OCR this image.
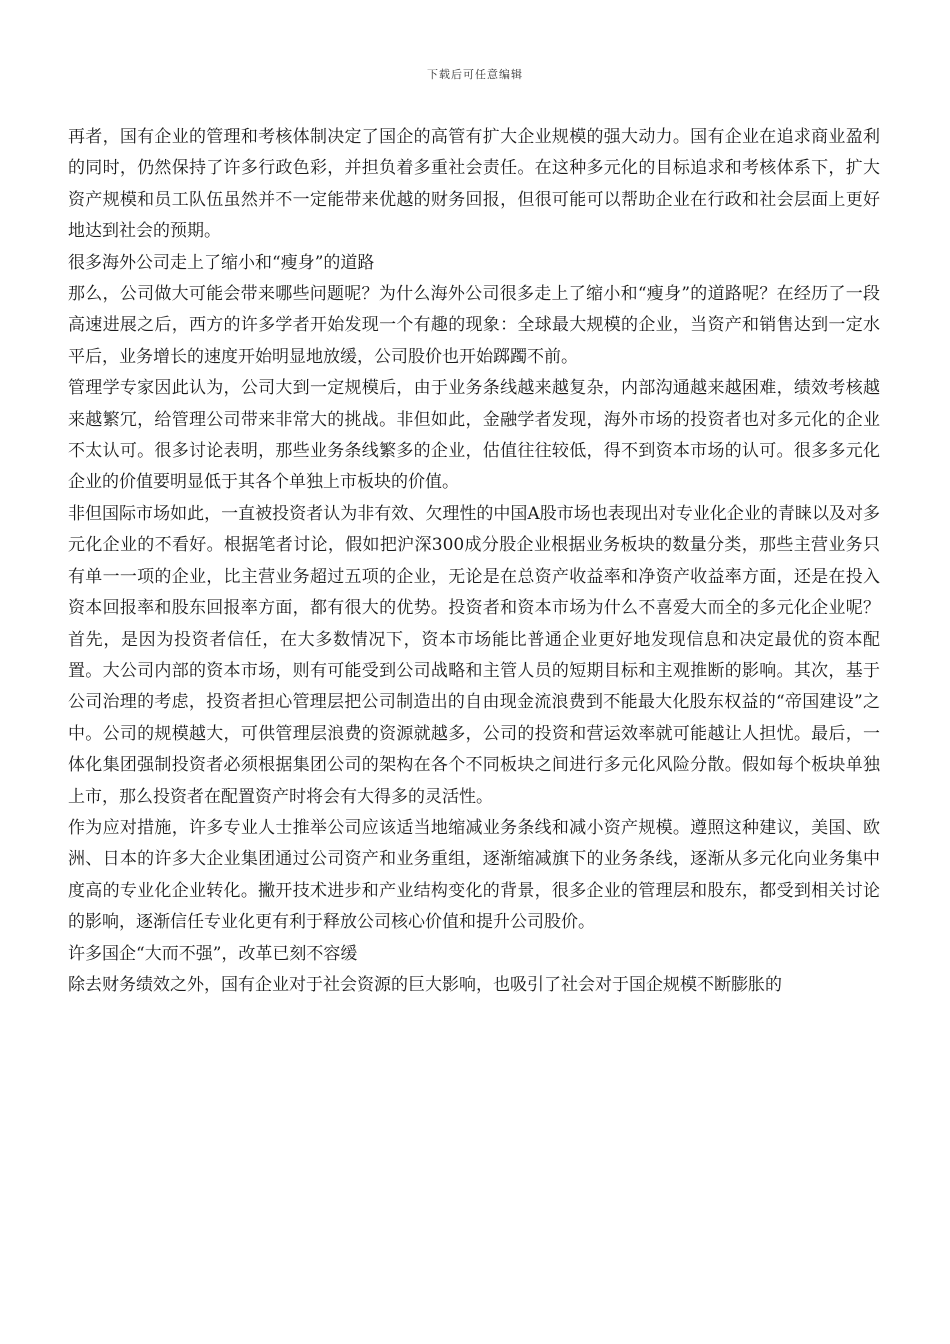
下载后可任意编辑

再者，国有企业的管理和考核体制决定了国企的高管有扩大企业规模的强大动力。国有企业在追求商业盈利的同时，仍然保持了许多行政色彩，并担负着多重社会责任。在这种多元化的目标追求和考核体系下，扩大资产规模和员工队伍虽然并不一定能带来优越的财务回报，但很可能可以帮助企业在行政和社会层面上更好地达到社会的预期。

很多海外公司走上了缩小和“瘦身”的道路

那么，公司做大可能会带来哪些问题呢？为什么海外公司很多走上了缩小和“瘦身”的道路呢？在经历了一段高速进展之后，西方的许多学者开始发现一个有趣的现象：全球最大规模的企业，当资产和销售达到一定水平后，业务增长的速度开始明显地放缓，公司股价也开始踯躅不前。

管理学专家因此认为，公司大到一定规模后，由于业务条线越来越复杂，内部沟通越来越困难，绩效考核越来越繁冗，给管理公司带来非常大的挑战。非但如此，金融学者发现，海外市场的投资者也对多元化的企业不太认可。很多讨论表明，那些业务条线繁多的企业，估值往往较低，得不到资本市场的认可。很多多元化企业的价值要明显低于其各个单独上市板块的价值。

非但国际市场如此，一直被投资者认为非有效、欠理性的中国A股市场也表现出对专业化企业的青睐以及对多元化企业的不看好。根据笔者讨论，假如把沪深300成分股企业根据业务板块的数量分类，那些主营业务只有单一一项的企业，比主营业务超过五项的企业，无论是在总资产收益率和净资产收益率方面，还是在投入资本回报率和股东回报率方面，都有很大的优势。投资者和资本市场为什么不喜爱大而全的多元化企业呢？首先，是因为投资者信任，在大多数情况下，资本市场能比普通企业更好地发现信息和决定最优的资本配置。大公司内部的资本市场，则有可能受到公司战略和主管人员的短期目标和主观推断的影响。其次，基于公司治理的考虑，投资者担心管理层把公司制造出的自由现金流浪费到不能最大化股东权益的“帝国建设”之中。公司的规模越大，可供管理层浪费的资源就越多，公司的投资和营运效率就可能越让人担忧。最后，一体化集团强制投资者必须根据集团公司的架构在各个不同板块之间进行多元化风险分散。假如每个板块单独上市，那么投资者在配置资产时将会有大得多的灵活性。

作为应对措施，许多专业人士推举公司应该适当地缩减业务条线和减小资产规模。遵照这种建议，美国、欧洲、日本的许多大企业集团通过公司资产和业务重组，逐渐缩减旗下的业务条线，逐渐从多元化向业务集中度高的专业化企业转化。撇开技术进步和产业结构变化的背景，很多企业的管理层和股东，都受到相关讨论的影响，逐渐信任专业化更有利于释放公司核心价值和提升公司股价。

许多国企“大而不强”，改革已刻不容缓

除去财务绩效之外，国有企业对于社会资源的巨大影响，也吸引了社会对于国企规模不断膨胀的
